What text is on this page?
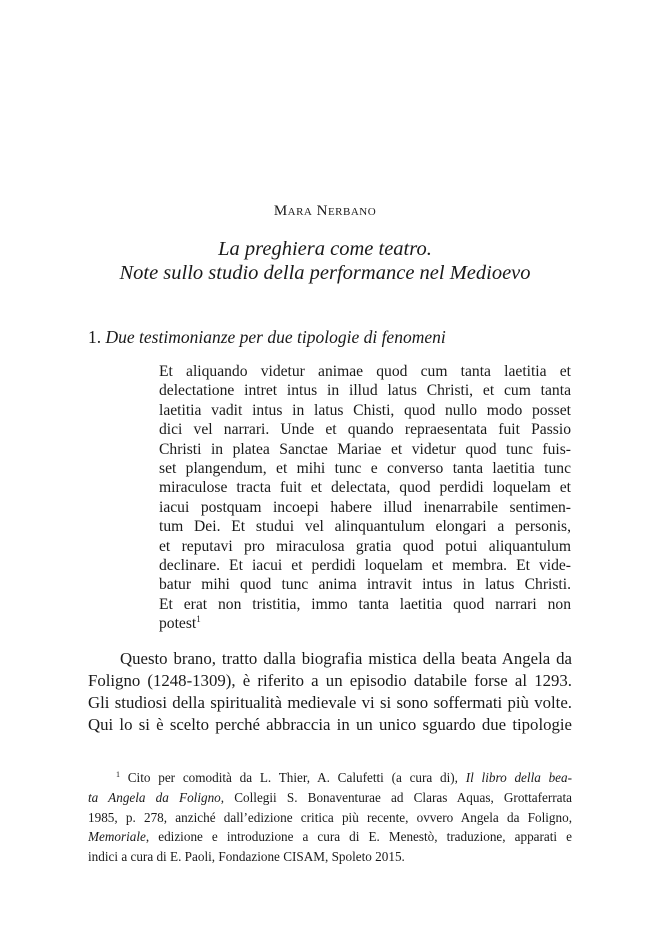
Mara Nerbano
La preghiera come teatro.
Note sullo studio della performance nel Medioevo
1. Due testimonianze per due tipologie di fenomeni
Et aliquando videtur animae quod cum tanta laetitia et
delectatione intret intus in illud latus Christi, et cum tanta
laetitia vadit intus in latus Chisti, quod nullo modo posset
dici vel narrari. Unde et quando repraesentata fuit Passio
Christi in platea Sanctae Mariae et videtur quod tunc fuis-
set plangendum, et mihi tunc e converso tanta laetitia tunc
miraculose tracta fuit et delectata, quod perdidi loquelam et
iacui postquam incoepi habere illud inenarrabile sentimen-
tum Dei. Et studui vel alinquantulum elongari a personis,
et reputavi pro miraculosa gratia quod potui aliquantulum
declinare. Et iacui et perdidi loquelam et membra. Et vide-
batur mihi quod tunc anima intravit intus in latus Christi.
Et erat non tristitia, immo tanta laetitia quod narrari non
potest$^1$
Questo brano, tratto dalla biografia mistica della beata Angela da
Foligno (1248-1309), è riferito a un episodio databile forse al 1293.
Gli studiosi della spiritualità medievale vi si sono soffermati più volte.
Qui lo si è scelto perché abbraccia in un unico sguardo due tipologie
$^1$ Cito per comodità da L. Thier, A. Calufetti (a cura di), Il libro della bea-
ta Angela da Foligno, Collegii S. Bonaventurae ad Claras Aquas, Grottaferrata
1985, p. 278, anziché dall’edizione critica più recente, ovvero Angela da Foligno,
Memoriale, edizione e introduzione a cura di E. Menestò, traduzione, apparati e
indici a cura di E. Paoli, Fondazione CISAM, Spoleto 2015.
